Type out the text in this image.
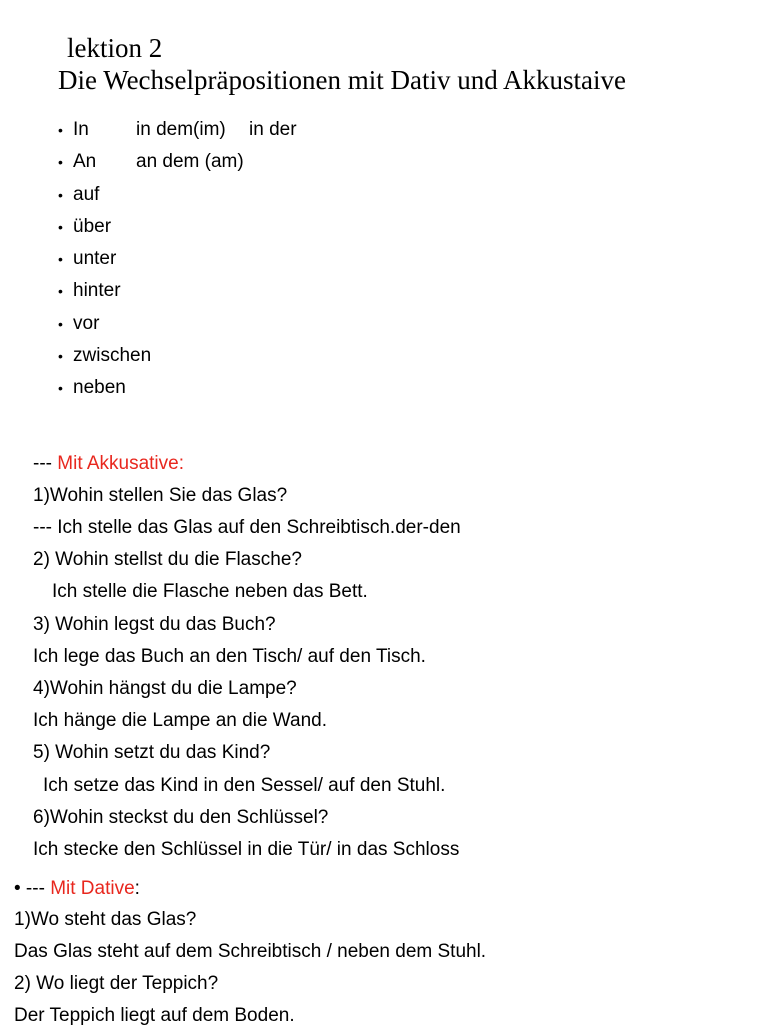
lektion 2
Die Wechselpräpositionen mit Dativ und Akkustaive
• In in dem(im) in der
• An an dem (am)
• auf
• über
• unter
• hinter
• vor
• zwischen
• neben

--- Mit Akkusative:

1)Wohin stellen Sie das Glas?

--- Ich stelle das Glas auf den Schreibtisch.der-den

2) Wohin stellst du die Flasche?

Ich stelle die Flasche neben das Bett.

3) Wohin legst du das Buch?

Ich lege das Buch an den Tisch/ auf den Tisch.

4)Wohin hängst du die Lampe?

Ich hänge die Lampe an die Wand.

5) Wohin setzt du das Kind?

Ich setze das Kind in den Sessel/ auf den Stuhl.

6)Wohin steckst du den Schlüssel?

Ich stecke den Schlüssel in die Tür/ in das Schloss

• --- Mit Dative:

1)Wo steht das Glas?

Das Glas steht auf dem Schreibtisch / neben dem Stuhl.

2) Wo liegt der Teppich?

Der Teppich liegt auf dem Boden.
